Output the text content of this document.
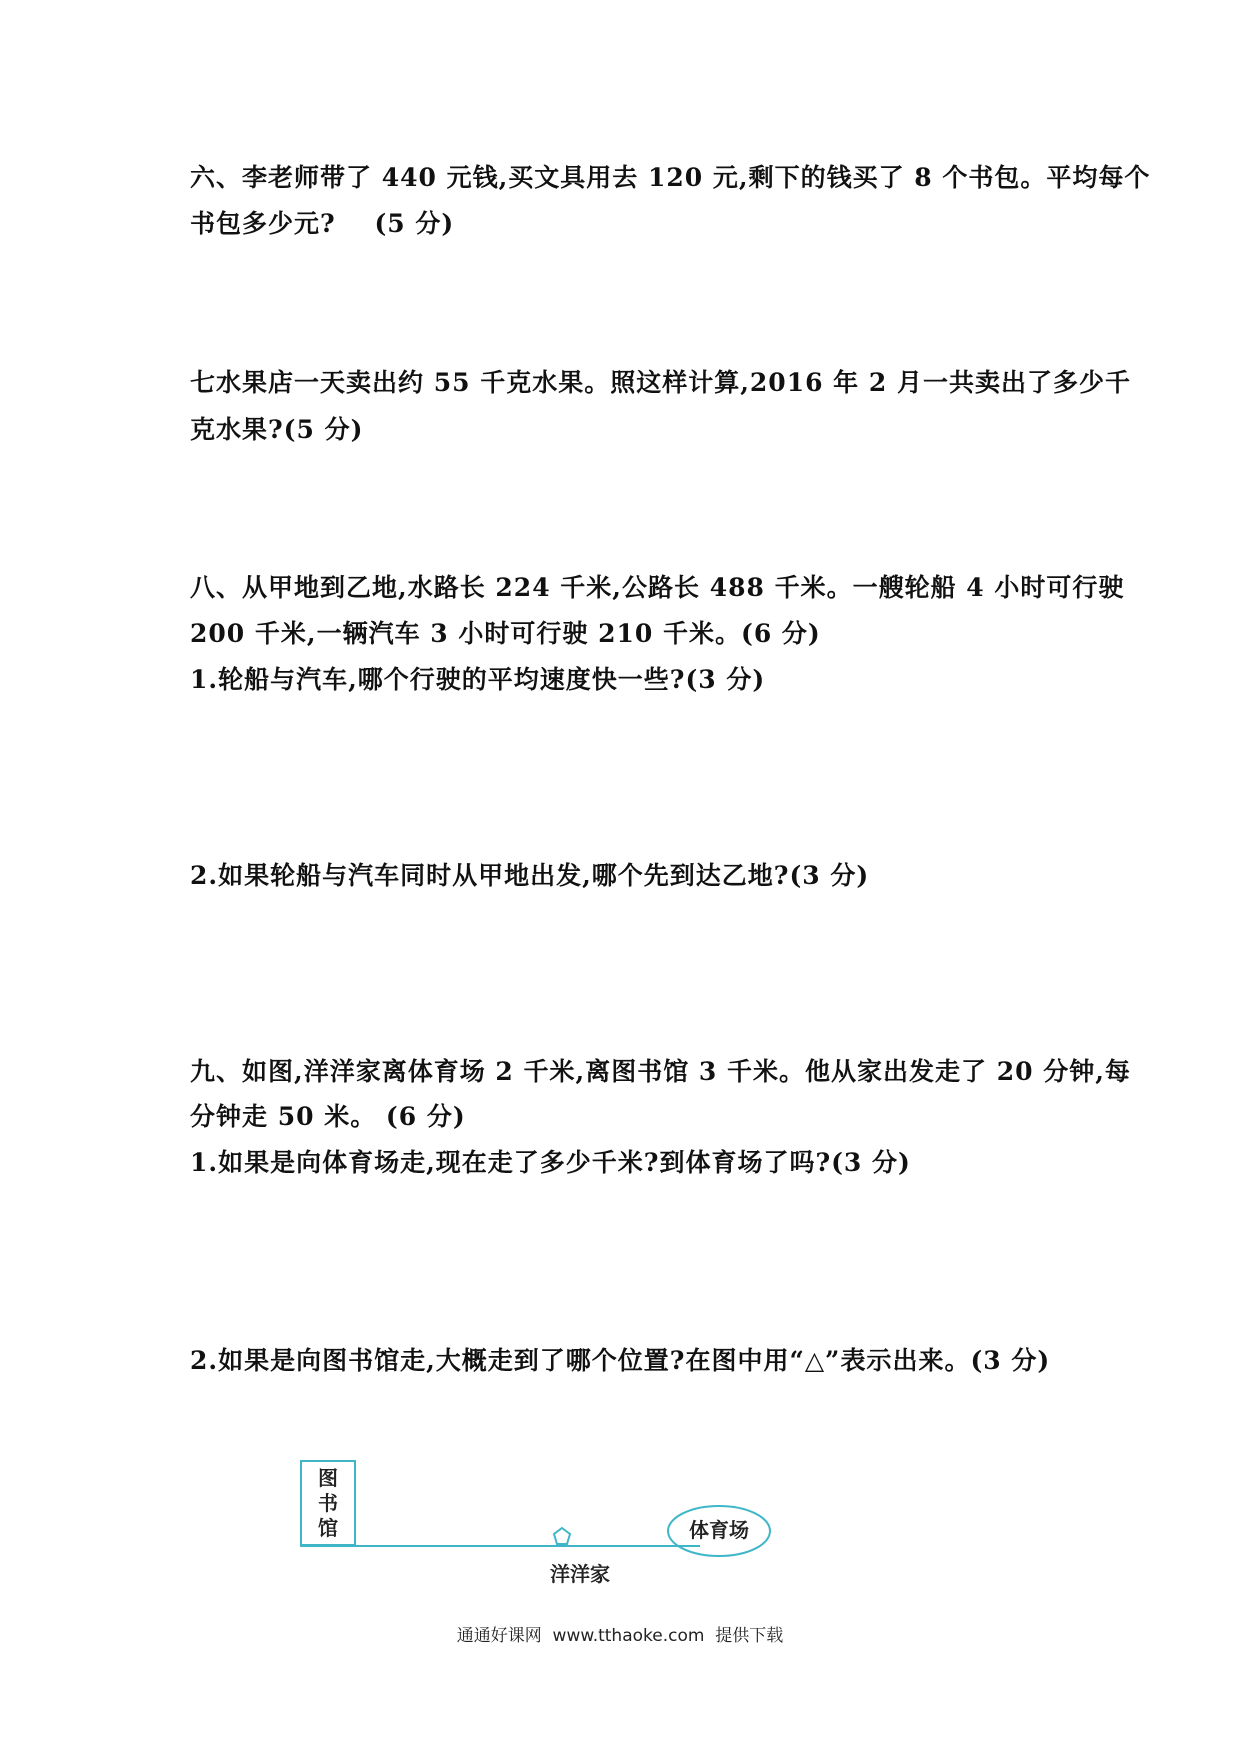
六、李老师带了 440 元钱,买文具用去 120 元,剩下的钱买了 8 个书包。平均每个
书包多少元?    (5 分)
七水果店一天卖出约 55 千克水果。照这样计算,2016 年 2 月一共卖出了多少千
克水果?(5 分)
八、从甲地到乙地,水路长 224 千米,公路长 488 千米。一艘轮船 4 小时可行驶
200 千米,一辆汽车 3 小时可行驶 210 千米。(6 分)
1.轮船与汽车,哪个行驶的平均速度快一些?(3 分)
2.如果轮船与汽车同时从甲地出发,哪个先到达乙地?(3 分)
九、如图,洋洋家离体育场 2 千米,离图书馆 3 千米。他从家出发走了 20 分钟,每
分钟走 50 米。 (6 分)
1.如果是向体育场走,现在走了多少千米?到体育场了吗?(3 分)
2.如果是向图书馆走,大概走到了哪个位置?在图中用“△”表示出来。(3 分)
图
书
馆	体育场
洋洋家
通通好课网  www.tthaoke.com  提供下载
